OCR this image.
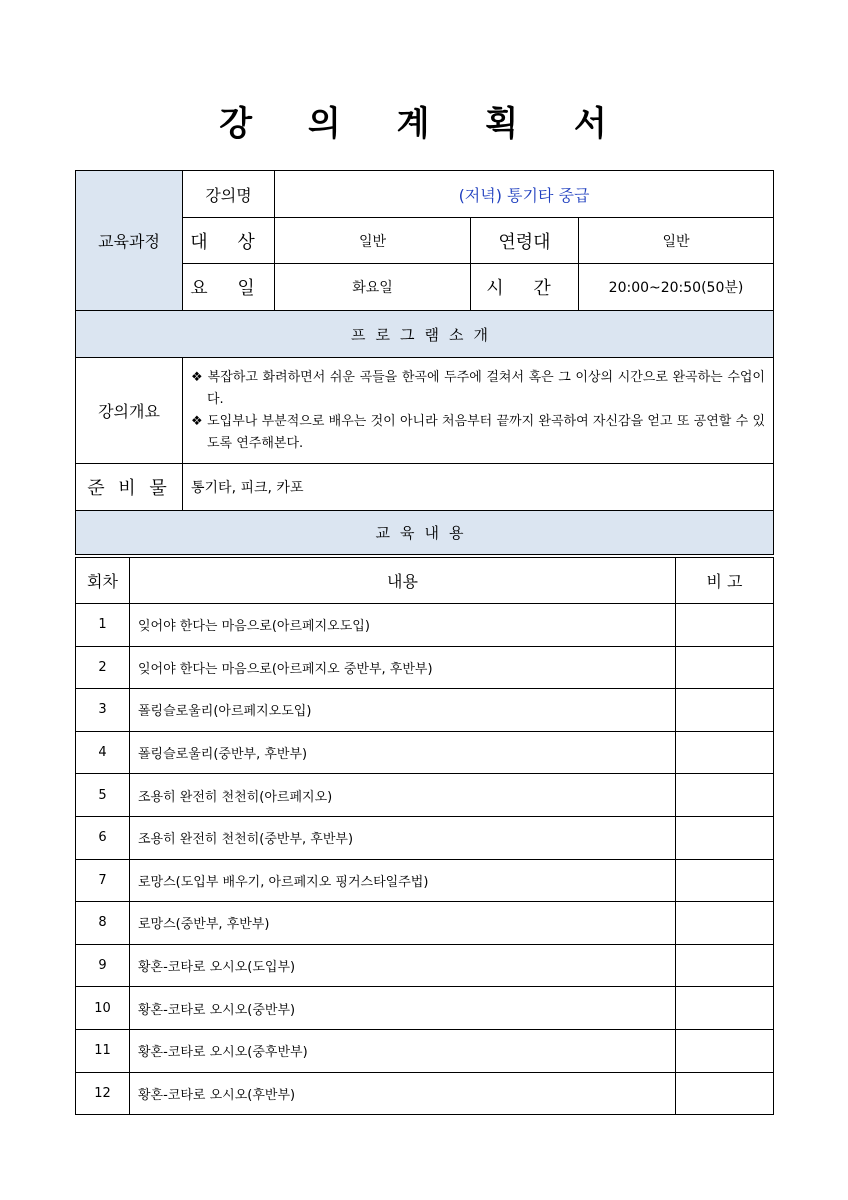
강 의 계 획 서
교육과정	강의명	(저녁) 통기타 중급		
	대 상	일반	연령대	일반
	요 일	화요일	시 간	20:00~20:50(50분)
프로그램소개				
강의개요	❖ 복잡하고 화려하면서 쉬운 곡들을 한곡에 두주에 걸쳐서 혹은 그 이상의 시간으로 완곡하는 수업이다.
❖ 도입부나 부분적으로 배우는 것이 아니라 처음부터 끝까지 완곡하여 자신감을 얻고 또 공연할 수 있도록 연주해본다.			

준 비 물	통기타, 피크, 카포			
교육내용				
회차	내용	비 고
1	잊어야 한다는 마음으로(아르페지오도입)	
2	잊어야 한다는 마음으로(아르페지오 중반부, 후반부)	
3	폴링슬로울리(아르페지오도입)	
4	폴링슬로울리(중반부, 후반부)	
5	조용히 완전히 천천히(아르페지오)	
6	조용히 완전히 천천히(중반부, 후반부)	
7	로망스(도입부 배우기, 아르페지오 핑거스타일주법)	
8	로망스(중반부, 후반부)	
9	황혼-코타로 오시오(도입부)	
10	황혼-코타로 오시오(중반부)	
11	황혼-코타로 오시오(중후반부)	
12	황혼-코타로 오시오(후반부)	
